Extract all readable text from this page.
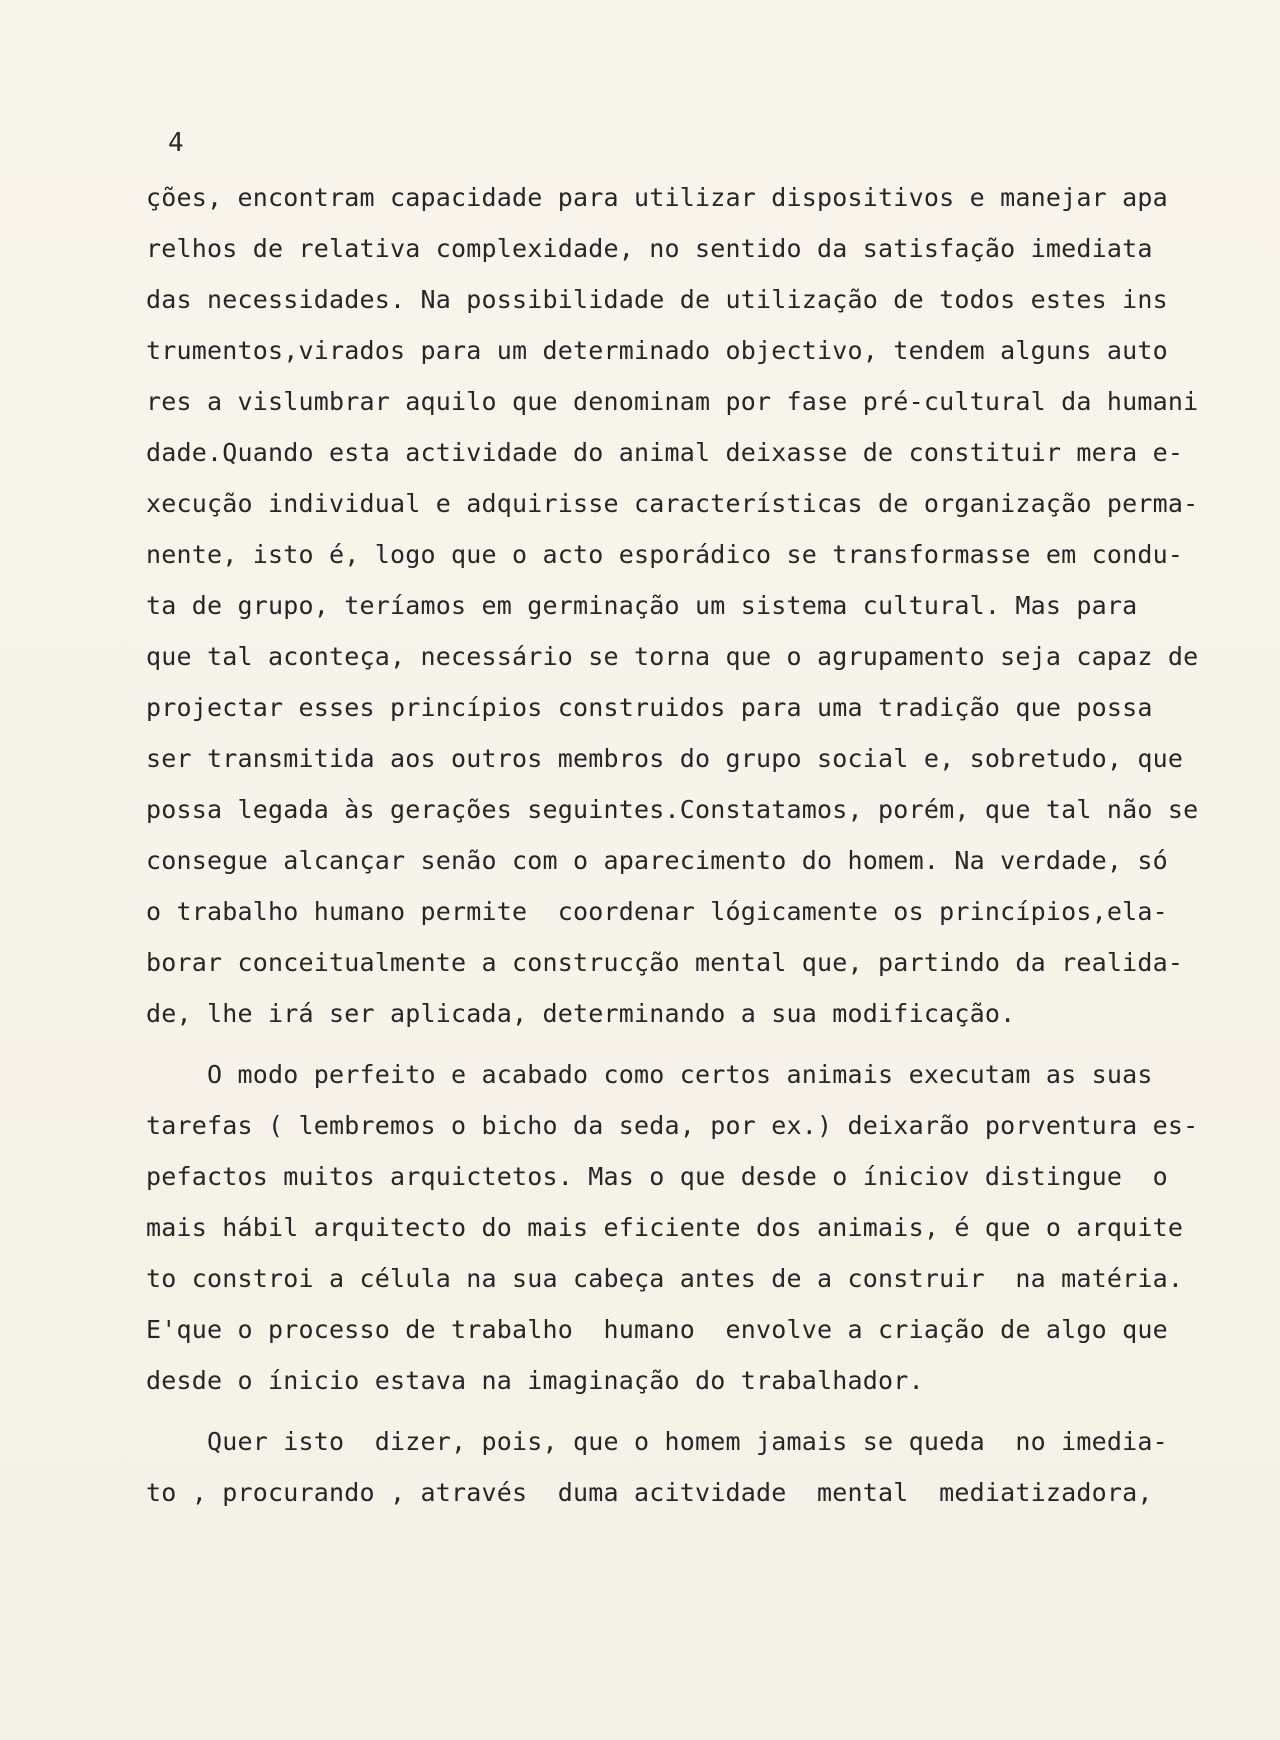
4
ções, encontram capacidade para utilizar dispositivos e manejar apa
relhos de relativa complexidade, no sentido da satisfação imediata
das necessidades. Na possibilidade de utilização de todos estes ins
trumentos,virados para um determinado objectivo, tendem alguns auto
res a vislumbrar aquilo que denominam por fase pré-cultural da humani
dade.Quando esta actividade do animal deixasse de constituir mera e-
xecução individual e adquirisse características de organização perma-
nente, isto é, logo que o acto esporádico se transformasse em condu-
ta de grupo, teríamos em germinação um sistema cultural. Mas para
que tal aconteça, necessário se torna que o agrupamento seja capaz de
projectar esses princípios construidos para uma tradição que possa
ser transmitida aos outros membros do grupo social e, sobretudo, que
possa legada às gerações seguintes.Constatamos, porém, que tal não se
consegue alcançar senão com o aparecimento do homem. Na verdade, só
o trabalho humano permite  coordenar lógicamente os princípios,ela-
borar conceitualmente a construcção mental que, partindo da realida-
de, lhe irá ser aplicada, determinando a sua modificação.
O modo perfeito e acabado como certos animais executam as suas
tarefas ( lembremos o bicho da seda, por ex.) deixarão porventura es-
pefactos muitos arquictetos. Mas o que desde o íniciov distingue  o
mais hábil arquitecto do mais eficiente dos animais, é que o arquite
to constroi a célula na sua cabeça antes de a construir  na matéria.
E'que o processo de trabalho  humano  envolve a criação de algo que
desde o ínicio estava na imaginação do trabalhador.
Quer isto  dizer, pois, que o homem jamais se queda  no imedia-
to , procurando , através  duma acitvidade  mental  mediatizadora,
